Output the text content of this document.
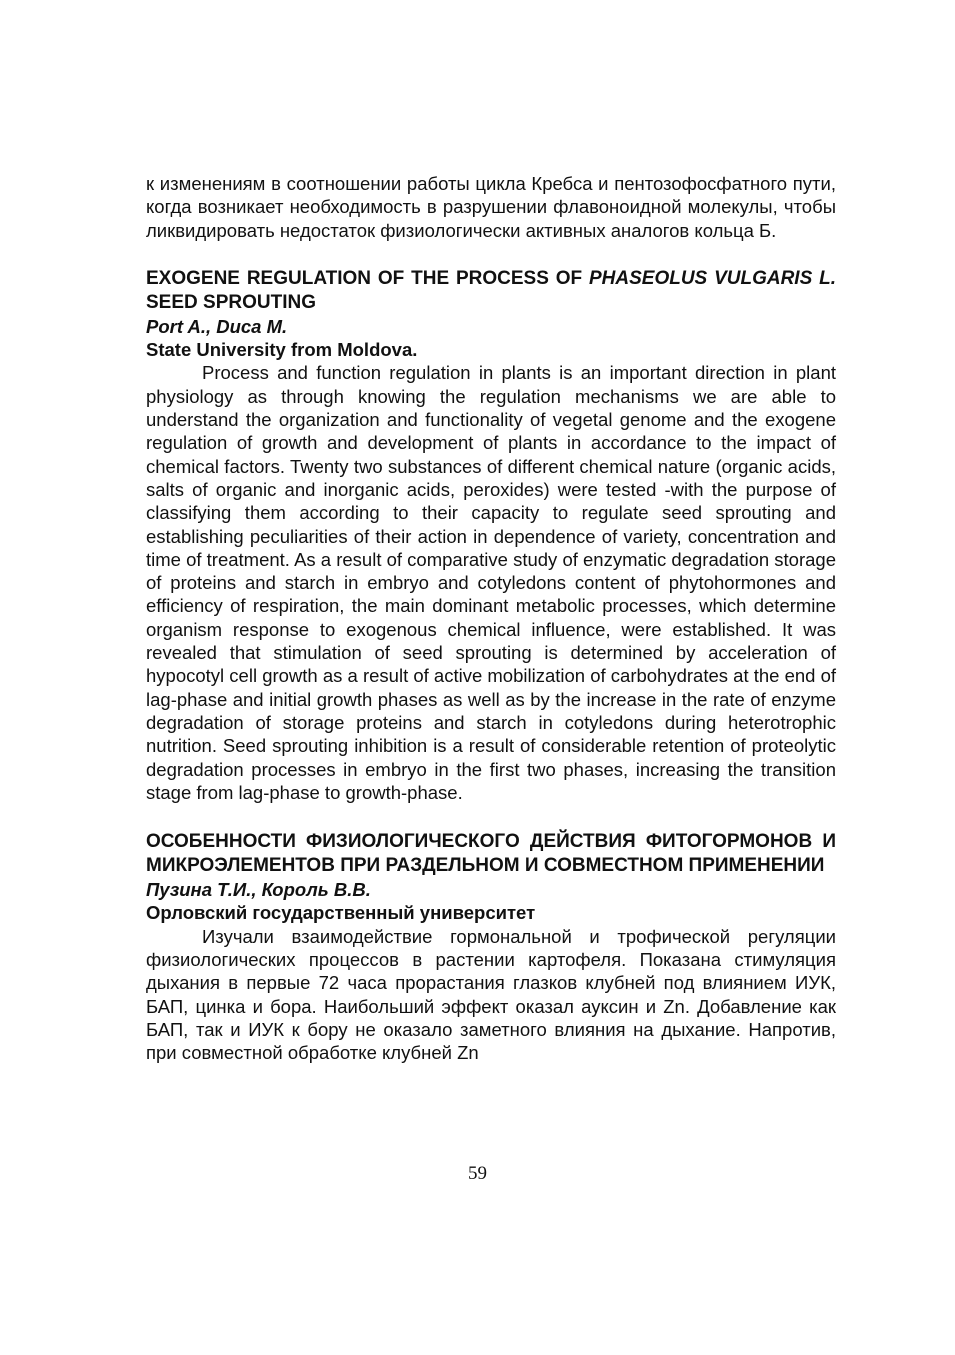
к изменениям в соотношении работы цикла Кребса и пентозофосфатного пути, когда возникает необходимость в разрушении флавоноидной молекулы, чтобы ликвидировать недостаток физиологически активных аналогов кольца Б.

EXOGENE REGULATION OF THE PROCESS OF PHASEOLUS VULGARIS L. SEED SPROUTING

Port A., Duca M.

State University from Moldova.

Process and function regulation in plants is an important direction in plant physiology as through knowing the regulation mechanisms we are able to understand the organization and functionality of vegetal genome and the exogene regulation of growth and development of plants in accordance to the impact of chemical factors. Twenty two substances of different chemical nature (organic acids, salts of organic and inorganic acids, peroxides) were tested -with the purpose of classifying them according to their capacity to regulate seed sprouting and establishing peculiarities of their action in dependence of variety, concentration and time of treatment. As a result of comparative study of enzymatic degradation storage of proteins and starch in embryo and cotyledons content of phytohormones and efficiency of respiration, the main dominant metabolic processes, which determine organism response to exogenous chemical influence, were established. It was revealed that stimulation of seed sprouting is determined by acceleration of hypocotyl cell growth as a result of active mobilization of carbohydrates at the end of lag-phase and initial growth phases as well as by the increase in the rate of enzyme degradation of storage proteins and starch in cotyledons during heterotrophic nutrition. Seed sprouting inhibition is a result of considerable retention of proteolytic degradation processes in embryo in the first two phases, increasing the transition stage from lag-phase to growth-phase.

ОСОБЕННОСТИ ФИЗИОЛОГИЧЕСКОГО ДЕЙСТВИЯ ФИТОГОРМОНОВ И МИКРОЭЛЕМЕНТОВ ПРИ РАЗДЕЛЬНОМ И СОВМЕСТНОМ ПРИМЕНЕНИИ

Пузина Т.И., Король В.В.

Орловский государственный университет

Изучали взаимодействие гормональной и трофической регуляции физиологических процессов в растении картофеля. Показана стимуляция дыхания в первые 72 часа прорастания глазков клубней под влиянием ИУК, БАП, цинка и бора. Наибольший эффект оказал ауксин и Zn. Добавление как БАП, так и ИУК к бору не оказало заметного влияния на дыхание. Напротив, при совместной обработке клубней Zn

59
